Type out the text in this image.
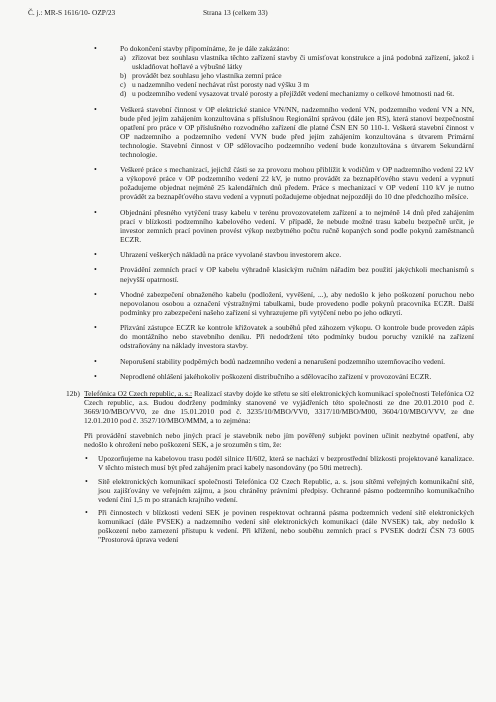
Č. j.: MR-S 1616/10- OZP/23	Strana 13 (celkem 33)
• Po dokončení stavby připomínáme, že je dále zakázáno:
a) zřizovat bez souhlasu vlastníka těchto zařízení stavby či umísťovat konstrukce a jiná podobná zařízení, jakož i uskladňovat hořlavé a výbušné látky
b) provádět bez souhlasu jeho vlastníka zemní práce
c) u nadzemního vedení nechávat růst porosty nad výšku 3 m
d) u podzemního vedení vysazovat trvalé porosty a přejíždět vedení mechanizmy o celkové hmotnosti nad 6t.
• Veškerá stavební činnost v OP elektrické stanice VN/NN, nadzemního vedení VN, podzemního vedení VN a NN, bude před jejím zahájením konzultována s příslušnou Regionální správou (dále jen RS), která stanoví bezpečnostní opatření pro práce v OP příslušného rozvodného zařízení dle platné ČSN EN 50 110-1. Veškerá stavební činnost v OP nadzemního a podzemního vedení VVN bude před jejím zahájením konzultována s útvarem Primární technologie. Stavební činnost v OP sdělovacího podzemního vedení bude konzultována s útvarem Sekundární technologie.
• Veškeré práce s mechanizací, jejichž části se za provozu mohou přiblížit k vodičům v OP nadzemního vedení 22 kV a výkopové práce v OP podzemního vedení 22 kV, je nutno provádět za beznapěťového stavu vedení a vypnutí požadujeme objednat nejméně 25 kalendářních dnů předem. Práce s mechanizací v OP vedení 110 kV je nutno provádět za beznapěťového stavu vedení a vypnutí požadujeme objednat nejpozději do 10 dne předchozího měsíce.
• Objednání přesného vytýčení trasy kabelu v terénu provozovatelem zařízení a to nejméně 14 dnů před zahájením prací v blízkosti podzemního kabelového vedení. V případě, že nebude možné trasu kabelu bezpečně určit, je investor zemních prací povinen provést výkop nezbytného počtu ručně kopaných sond podle pokynů zaměstnanců ECZR.
• Uhrazení veškerých nákladů na práce vyvolané stavbou investorem akce.
• Provádění zemních prací v OP kabelu výhradně klasickým ručním nářadím bez použití jakýchkoli mechanismů s nejvyšší opatrností.
• Vhodné zabezpečení obnaženého kabelu (podložení, vyvěšení, ...), aby nedošlo k jeho poškození poruchou nebo nepovolanou osobou a označení výstražnými tabulkami, bude provedeno podle pokynů pracovníka ECZR. Další podmínky pro zabezpečení našeho zařízení si vyhrazujeme při vytýčení nebo po jeho odkrytí.
• Přizvání zástupce ECZR ke kontrole křižovatek a souběhů před záhozem výkopu. O kontrole bude proveden zápis do montážního nebo stavebního deníku. Při nedodržení této podmínky budou poruchy vzniklé na zařízení odstraňovány na náklady investora stavby.
• Neporušení stability podpěrných bodů nadzemního vedení a nenarušení podzemního uzemňovacího vedení.
• Neprodlené ohlášení jakéhokoliv poškození distribučního a sdělovacího zařízení v provozování ECZR.
12b) Telefónica O2 Czech republic, a. s.: Realizací stavby dojde ke střetu se sítí elektronických komunikací společnosti Telefónica O2 Czech republic, a.s. Budou dodrženy podmínky stanovené ve vyjádřeních této společnosti ze dne 20.01.2010 pod č. 3669/10/MBO/VV0, ze dne 15.01.2010 pod č. 3235/10/MBO/VV0, 3317/10/MBO/M00, 3604/10/MBO/VVV, ze dne 12.01.2010 pod č. 3527/10/MBO/MMM, a to zejména:
Při provádění stavebních nebo jiných prací je stavebník nebo jím pověřený subjekt povinen učinit nezbytné opatření, aby nedošlo k ohrožení nebo poškození SEK, a je srozuměn s tím, že:
• Upozorňujeme na kabelovou trasu podél silnice II/602, která se nachází v bezprostřední blízkosti projektované kanalizace. V těchto místech musí být před zahájením prací kabely nasondovány (po 50ti metrech).
• Sítě elektronických komunikací společnosti Telefónica O2 Czech Republic, a. s. jsou sítěmi veřejných komunikační sítě, jsou zajišťovány ve veřejném zájmu, a jsou chráněny právními předpisy. Ochranné pásmo podzemního komunikačního vedení činí 1,5 m po stranách krajního vedení.
• Při činnostech v blízkosti vedení SEK je povinen respektovat ochranná pásma podzemních vedení sítě elektronických komunikací (dále PVSEK) a nadzemního vedení sítě elektronických komunikací (dále NVSEK) tak, aby nedošlo k poškození nebo zamezení přístupu k vedení. Při křížení, nebo souběhu zemních prací s PVSEK dodrží ČSN 73 6005 "Prostorová úprava vedení
